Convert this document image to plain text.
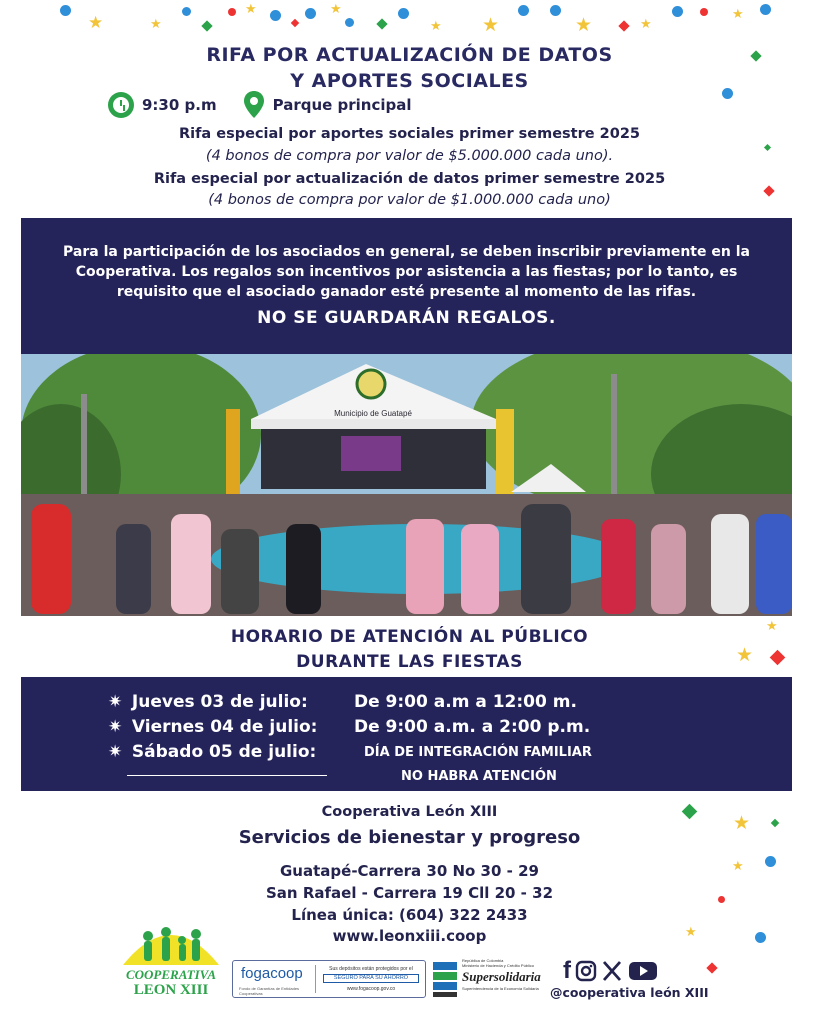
★	★
★	★
★ ★	★	★
★
★
★
★
★
★
RIFA POR ACTUALIZACIÓN DE DATOS
Y APORTES SOCIALES
9:30 p.m	Parque principal
Rifa especial por aportes sociales primer semestre 2025
(4 bonos de compra por valor de $5.000.000 cada uno).
Rifa especial por actualización de datos primer semestre 2025
(4 bonos de compra por valor de $1.000.000 cada uno)
Para la participación de los asociados en general, se deben inscribir previamente en la Cooperativa. Los regalos son incentivos por asistencia a las fiestas; por lo tanto, es requisito que el asociado ganador esté presente al momento de las rifas.
NO SE GUARDARÁN REGALOS.
Municipio de Guatapé
HORARIO DE ATENCIÓN AL PÚBLICO
DURANTE LAS FIESTAS
✷ Jueves 03 de julio:	De 9:00 a.m a 12:00 m.
✷ Viernes 04 de julio: De 9:00 a.m. a 2:00 p.m.
✷ Sábado 05 de julio:	DÍA DE INTEGRACIÓN FAMILIAR
NO HABRA ATENCIÓN
Cooperativa León XIII
Servicios de bienestar y progreso
Guatapé-Carrera 30 No 30 - 29
San Rafael - Carrera 19 Cll 20 - 32
Línea única: (604) 322 2433
www.leonxiii.coop
COOPERATIVA
LEON XIII
fogacoop
Fondo de Garantías de Entidades Cooperativas
Sus depósitos están protegidos por el
SEGURO PARA SU AHORRO
www.fogacoop.gov.co
República de Colombia
Ministerio de Hacienda y Crédito Público
Supersolidaria
Superintendencia de la Economía Solidaria
f
@cooperativa león XIII
